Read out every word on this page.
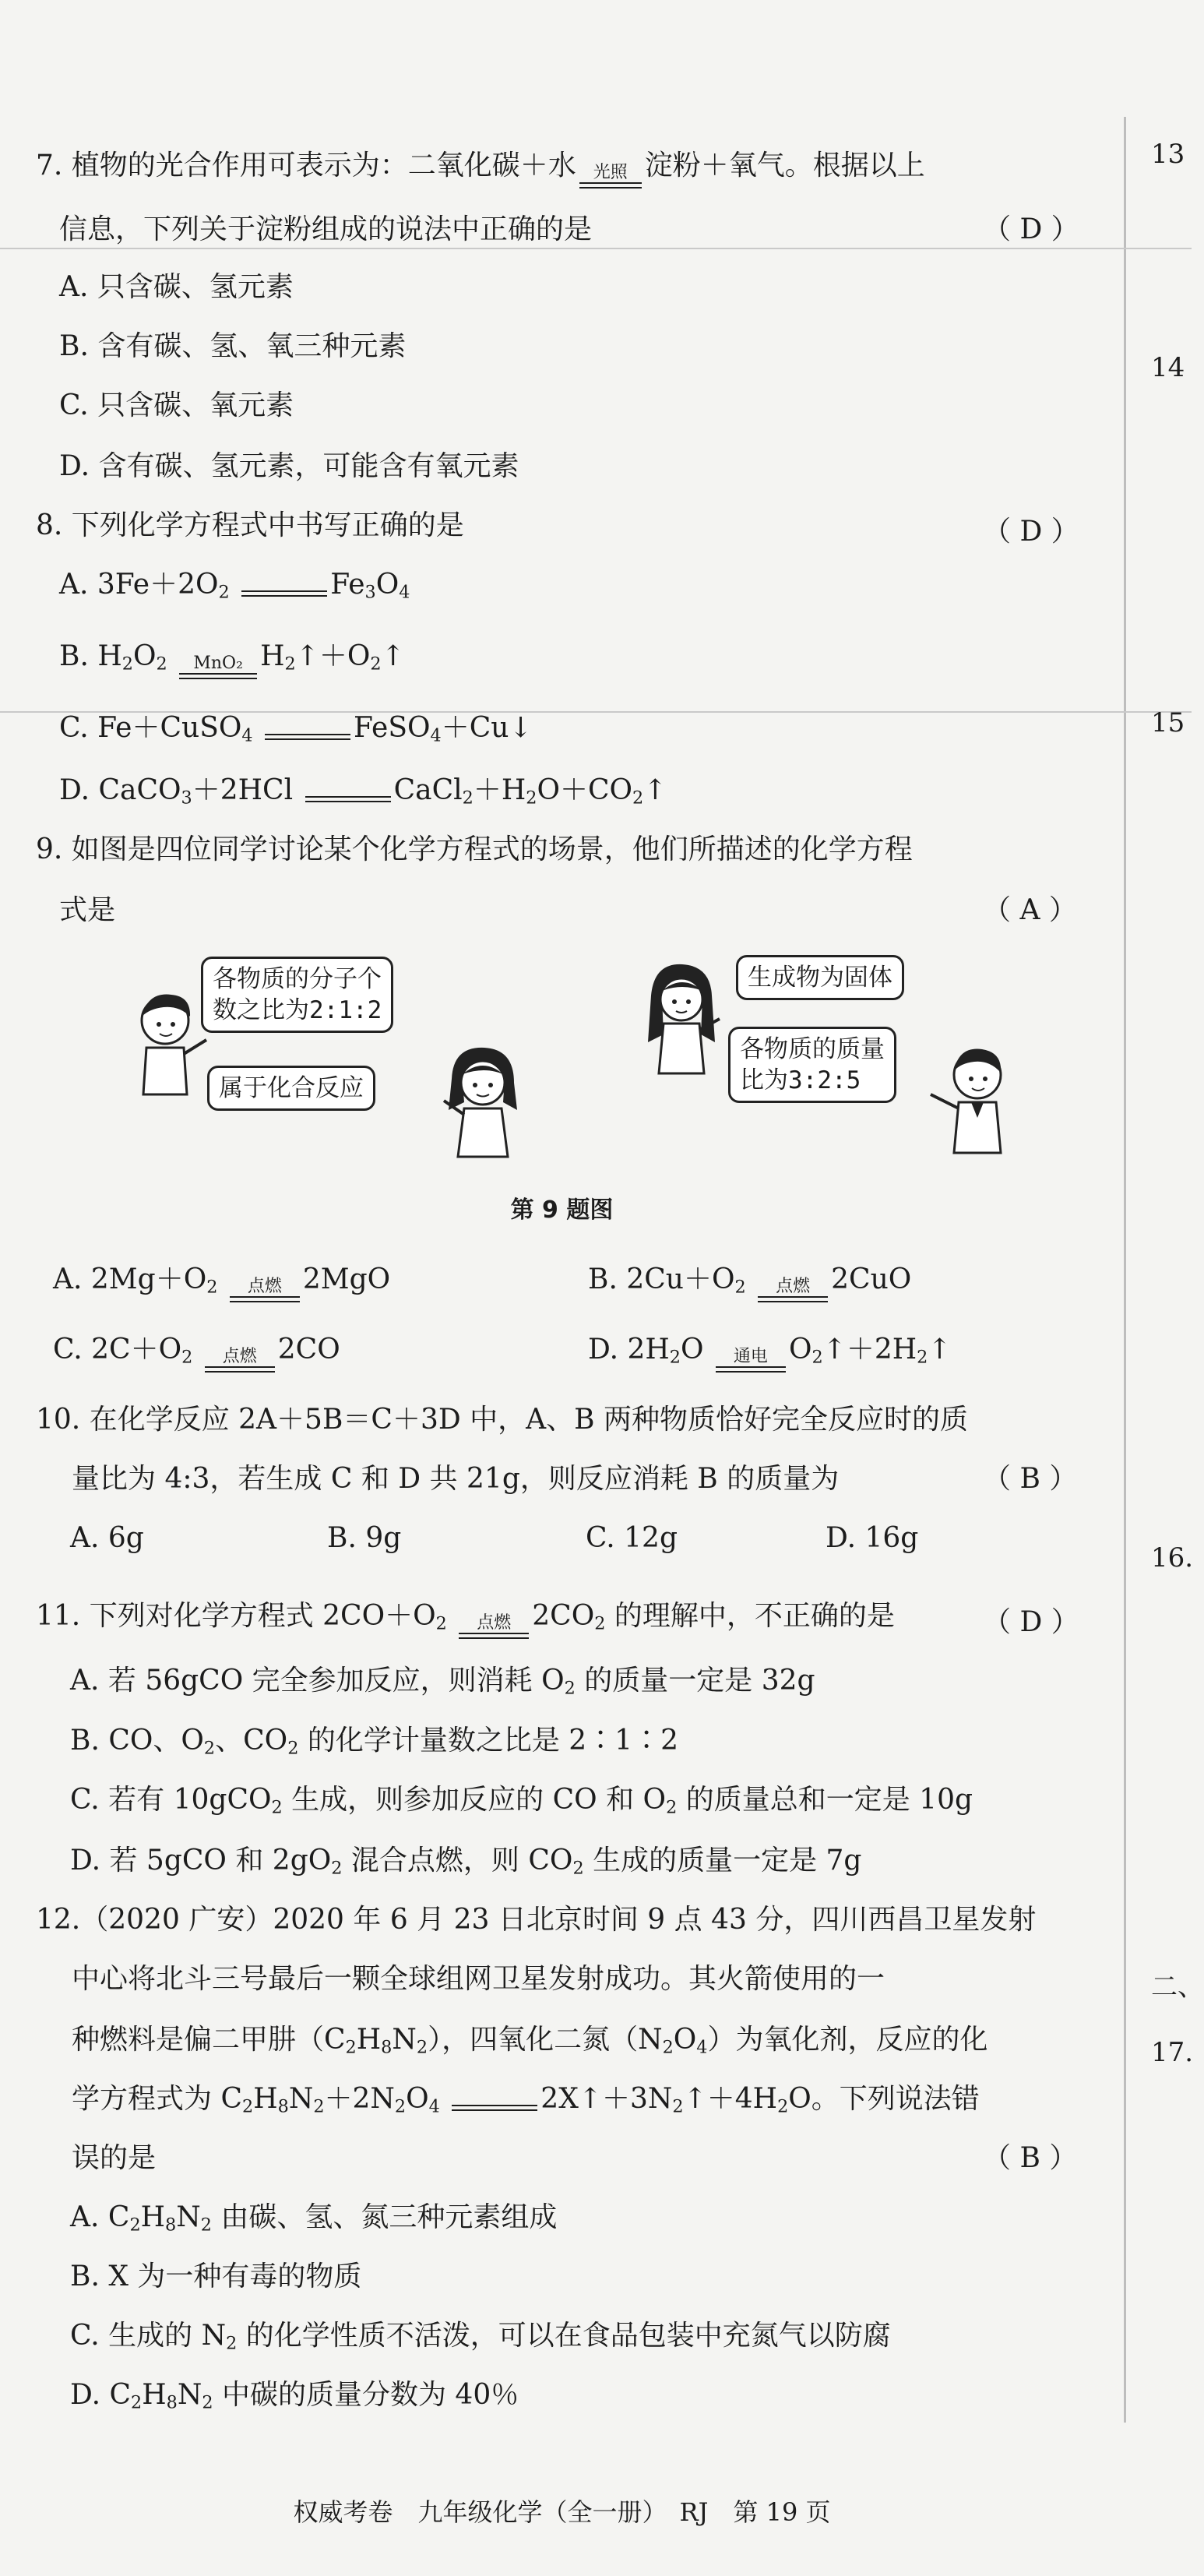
13
14
15
16.
二、
17.
7. 植物的光合作用可表示为：二氧化碳＋水 光照 淀粉＋氧气。根据以上
信息，下列关于淀粉组成的说法中正确的是	（ D ）
A. 只含碳、氢元素
B. 含有碳、氢、氧三种元素
C. 只含碳、氧元素
D. 含有碳、氢元素，可能含有氧元素
8. 下列化学方程式中书写正确的是	（ D ）
A. $3Fe+2O_2$	$Fe_3O_4$
B. $H_2O_2$ MnO₂ $H_2↑+O_2↑$
C. Fe＋CuSO$_4$	FeSO$_4$＋Cu↓
D. CaCO$_3$＋2HCl	$CaCl_2+H_2O+CO_2↑$
9. 如图是四位同学讨论某个化学方程式的场景，他们所描述的化学方程
式是	（ A ）
各物质的分子个
数之比为2:1:2
属于化合反应
生成物为固体
各物质的质量
比为3:2:5
第 9 题图
A. $2Mg+O_2$ 点燃 2MgO	B. $2Cu+O_2$ 点燃 2CuO
C. $2C+O_2$ 点燃 2CO	D. $2H_2O$ 通电 $O_2↑+2H_2↑$
10. 在化学反应 2A＋5B＝C＋3D 中，A、B 两种物质恰好完全反应时的质
量比为 4:3，若生成 C 和 D 共 21g，则反应消耗 B 的质量为	（ B ）
A. 6g	B. 9g	C. 12g	D. 16g
11. 下列对化学方程式 $2CO+O_2$ 点燃 $2CO_2$ 的理解中，不正确的是	（ D ）
A. 若 56gCO 完全参加反应，则消耗 $O_2$ 的质量一定是 32g
B. CO、$O_2$、$CO_2$ 的化学计量数之比是 2∶1∶2
C. 若有 10gCO$_2$ 生成，则参加反应的 CO 和 $O_2$ 的质量总和一定是 10g
D. 若 5gCO 和 $2gO_2$ 混合点燃，则 $CO_2$ 生成的质量一定是 7g
12.（2020 广安）2020 年 6 月 23 日北京时间 9 点 43 分，四川西昌卫星发射
中心将北斗三号最后一颗全球组网卫星发射成功。其火箭使用的一
种燃料是偏二甲肼$(C_2H_8N_2)$，四氧化二氮$(N_2O_4)$为氧化剂，反应的化
学方程式为 $C_2H_8N_2+2N_2O_4$	$2X↑+3N_2↑+4H_2O$。下列说法错
误的是	（ B ）
A. $C_2H_8N_2$ 由碳、氢、氮三种元素组成
B. X 为一种有毒的物质
C. 生成的 $N_2$ 的化学性质不活泼，可以在食品包装中充氮气以防腐
D. $C_2H_8N_2$ 中碳的质量分数为 40％
权威考卷　九年级化学（全一册）　RJ　第 19 页
